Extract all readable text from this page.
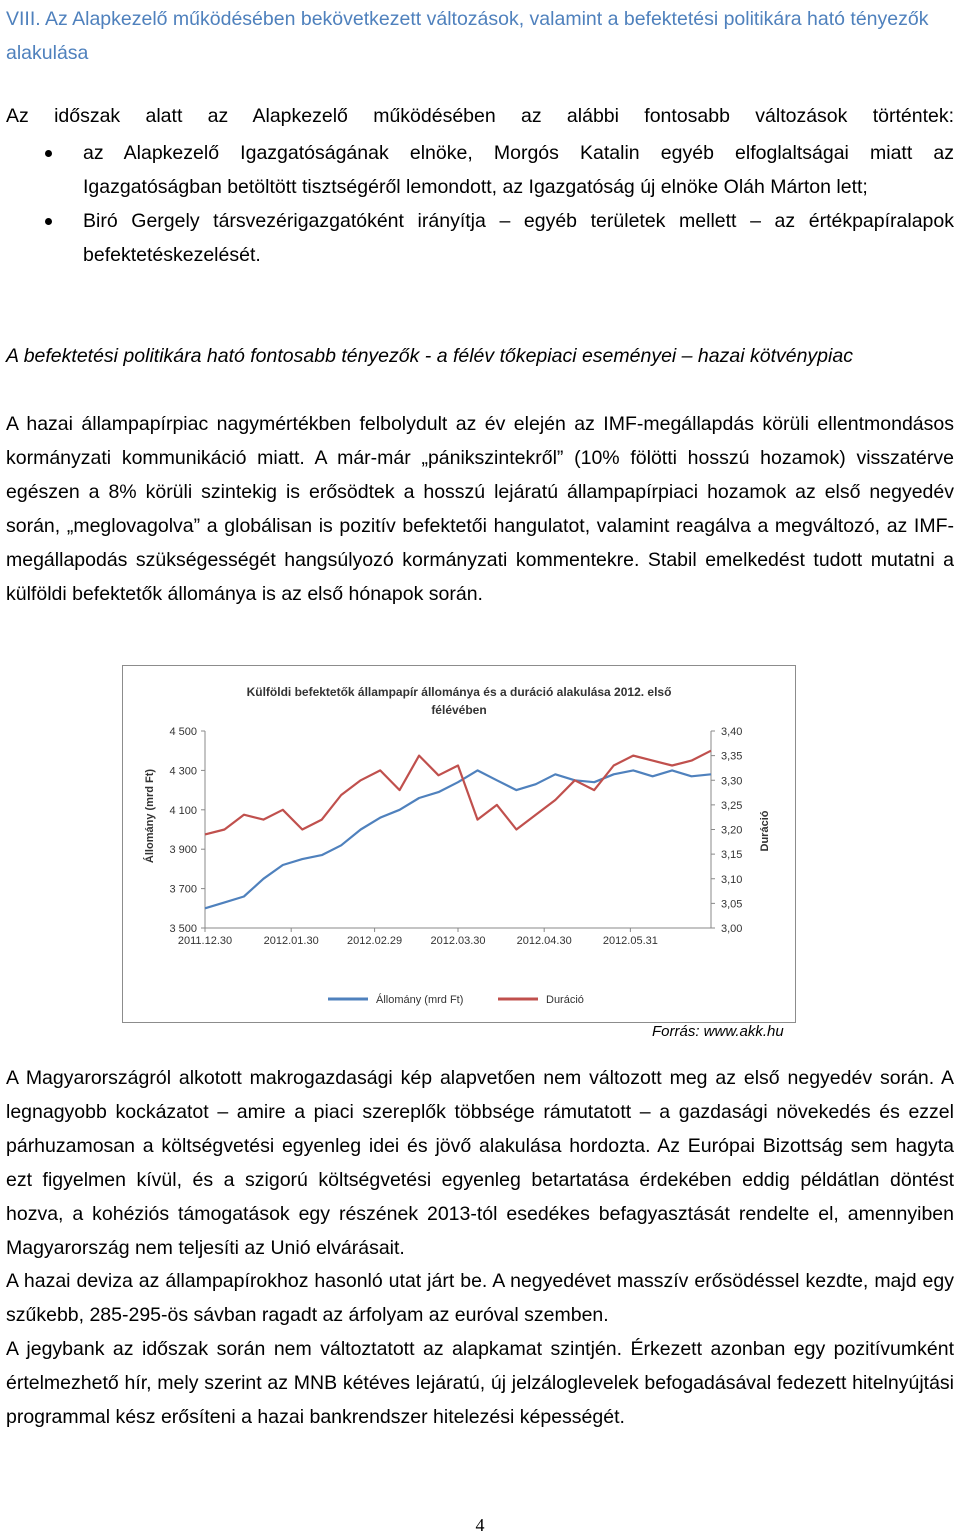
VIII. Az Alapkezelő működésében bekövetkezett változások, valamint a befektetési politikára ható tényezők alakulása

Az időszak alatt az Alapkezelő működésében az alábbi fontosabb változások történtek:

az Alapkezelő Igazgatóságának elnöke, Morgós Katalin egyéb elfoglaltságai miatt az Igazgatóságban betöltött tisztségéről lemondott, az Igazgatóság új elnöke Oláh Márton lett;
Biró Gergely társvezérigazgatóként irányítja – egyéb területek mellett – az értékpapíralapok befektetéskezelését.

A befektetési politikára ható fontosabb tényezők - a félév tőkepiaci eseményei – hazai kötvénypiac

A hazai állampapírpiac nagymértékben felbolydult az év elején az IMF-megállapdás körüli ellentmondásos kormányzati kommunikáció miatt. A már-már „pánikszintekről” (10% fölötti hosszú hozamok) visszatérve egészen a 8% körüli szintekig is erősödtek a hosszú lejáratú állampapírpiaci hozamok az első negyedév során, „meglovagolva” a globálisan is pozitív befektetői hangulatot, valamint reagálva a megváltozó, az IMF-megállapodás szükségességét hangsúlyozó kormányzati kommentekre. Stabil emelkedést tudott mutatni a külföldi befektetők állománya is az első hónapok során.

Külföldi befektetők állampapír állománya és a duráció alakulása 2012. első
félévében
3 500
3 700
3 900
4 100
4 300
4 500
3,00
3,05
3,10
3,15
3,20
3,25
3,30
3,35
3,40
2011.12.30	2012.01.30	2012.02.29	2012.03.30	2012.04.30	2012.05.31
Állomány (mrd Ft)	Duráció
Állomány (mrd Ft)	Duráció
Forrás: www.akk.hu

A Magyarországról alkotott makrogazdasági kép alapvetően nem változott meg az első negyedév során. A legnagyobb kockázatot – amire a piaci szereplők többsége rámutatott – a gazdasági növekedés és ezzel párhuzamosan a költségvetési egyenleg idei és jövő alakulása hordozta. Az Európai Bizottság sem hagyta ezt figyelmen kívül, és a szigorú költségvetési egyenleg betartatása érdekében eddig példátlan döntést hozva, a kohéziós támogatások egy részének 2013-tól esedékes befagyasztását rendelte el, amennyiben Magyarország nem teljesíti az Unió elvárásait.

A hazai deviza az állampapírokhoz hasonló utat járt be. A negyedévet masszív erősödéssel kezdte, majd egy szűkebb, 285-295-ös sávban ragadt az árfolyam az euróval szemben.

A jegybank az időszak során nem változtatott az alapkamat szintjén. Érkezett azonban egy pozitívumként értelmezhető hír, mely szerint az MNB kétéves lejáratú, új jelzáloglevelek befogadásával fedezett hitelnyújtási programmal kész erősíteni a hazai bankrendszer hitelezési képességét.

4
